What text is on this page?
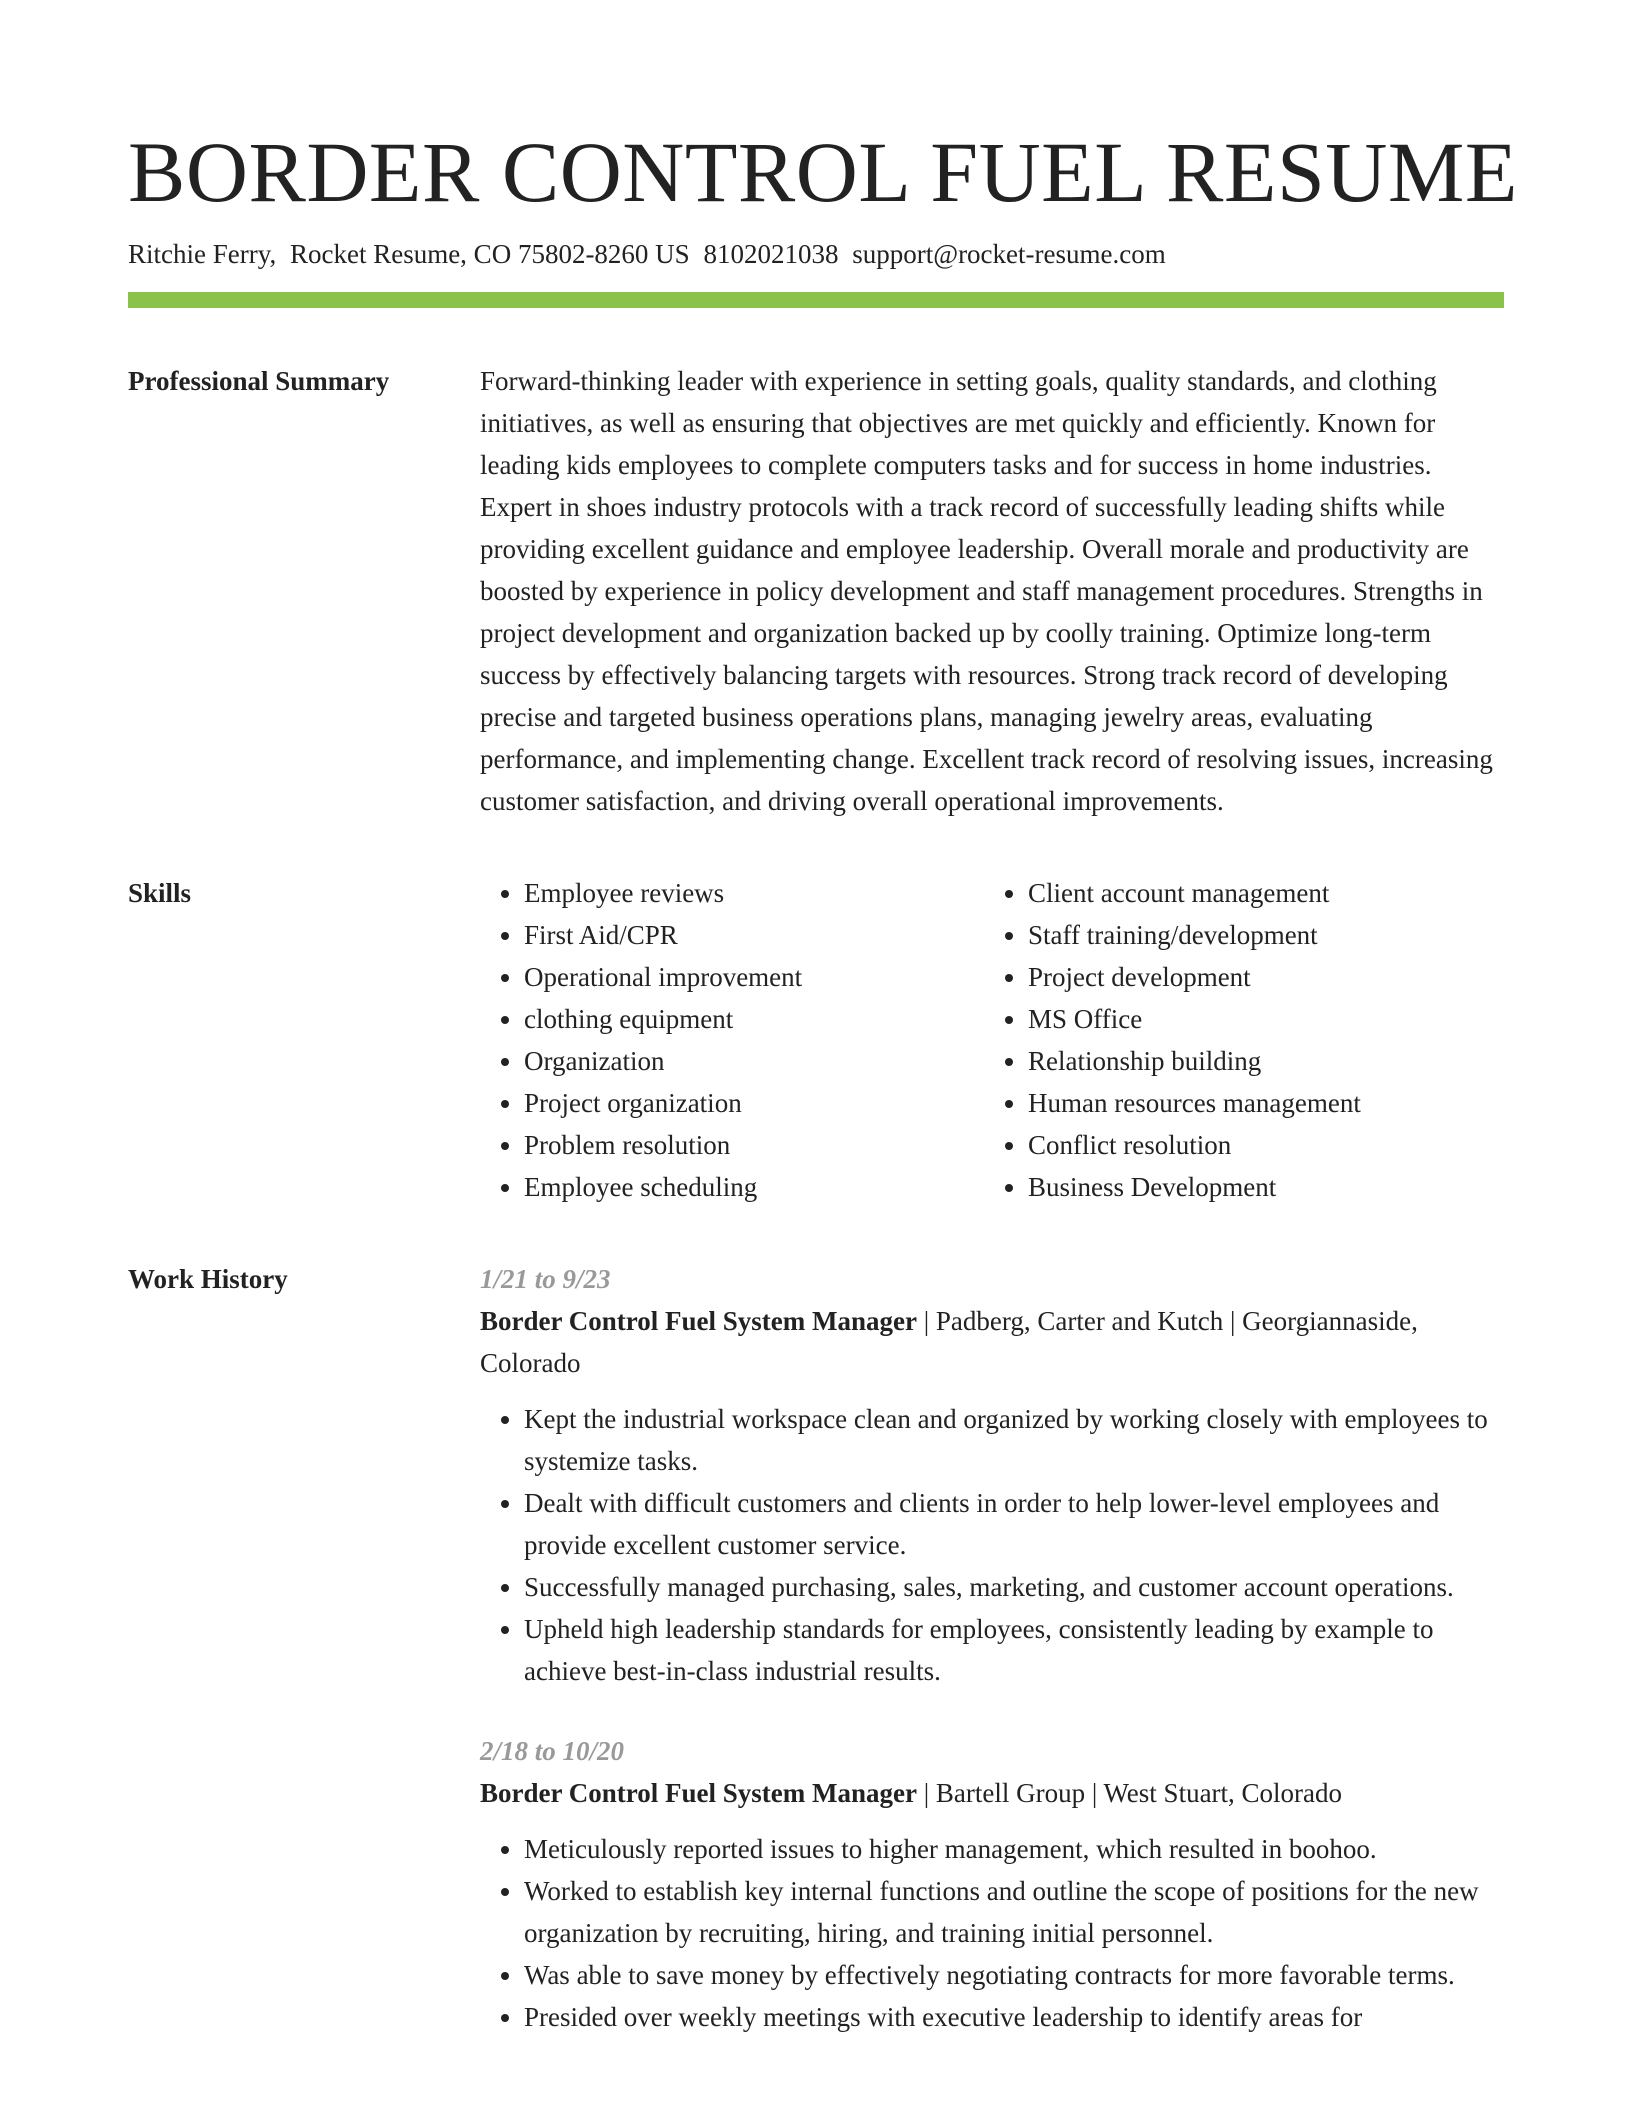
BORDER CONTROL FUEL RESUME
Ritchie Ferry, Rocket Resume, CO 75802-8260 US 8102021038 support@rocket-resume.com
Professional Summary	Forward-thinking leader with experience in setting goals, quality standards, and clothing initiatives, as well as ensuring that objectives are met quickly and efficiently. Known for leading kids employees to complete computers tasks and for success in home industries. Expert in shoes industry protocols with a track record of successfully leading shifts while providing excellent guidance and employee leadership. Overall morale and productivity are boosted by experience in policy development and staff management procedures. Strengths in project development and organization backed up by coolly training. Optimize long-term success by effectively balancing targets with resources. Strong track record of developing precise and targeted business operations plans, managing jewelry areas, evaluating performance, and implementing change. Excellent track record of resolving issues, increasing customer satisfaction, and driving overall operational improvements.

Skills
•	Employee reviews
• First Aid/CPR
• Operational improvement
• clothing equipment
• Organization
• Project organization
• Problem resolution
• Employee scheduling
• Client account management
• Staff training/development
• Project development
• MS Office
• Relationship building
• Human resources management
• Conflict resolution
• Business Development
Work History	1/21 to 9/23

Border Control Fuel System Manager | Padberg, Carter and Kutch | Georgiannaside, Colorado

• Kept the industrial workspace clean and organized by working closely with employees to systemize tasks.
• Dealt with difficult customers and clients in order to help lower-level employees and provide excellent customer service.
• Successfully managed purchasing, sales, marketing, and customer account operations.
• Upheld high leadership standards for employees, consistently leading by example to achieve best-in-class industrial results.
2/18 to 10/20

Border Control Fuel System Manager | Bartell Group | West Stuart, Colorado

• Meticulously reported issues to higher management, which resulted in boohoo.
• Worked to establish key internal functions and outline the scope of positions for the new organization by recruiting, hiring, and training initial personnel.
• Was able to save money by effectively negotiating contracts for more favorable terms.
• Presided over weekly meetings with executive leadership to identify areas for
